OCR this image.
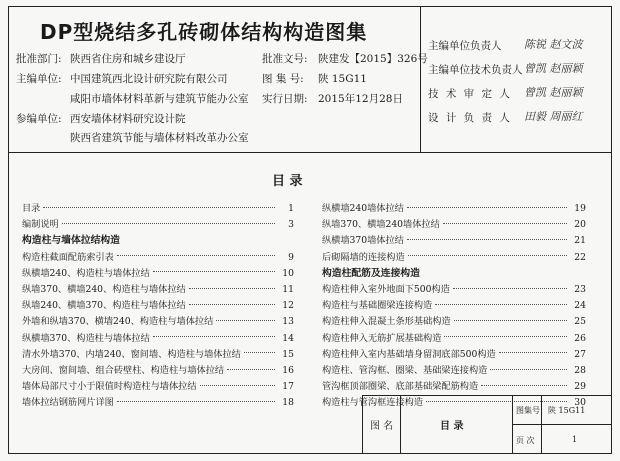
DP型烧结多孔砖砌体结构构造图集
批准部门: 陕西省住房和城乡建设厅
主编单位: 中国建筑西北设计研究院有限公司
咸阳市墙体材料革新与建筑节能办公室
参编单位: 西安墙体材料研究设计院
陕西省建筑节能与墙体材料改革办公室
批准文号: 陕建发【2015】326号
图 集 号: 陕 15G11
实行日期: 2015年12月28日
主编单位负责人 陈锐 赵文波
主编单位技术负责人 曾凯 赵丽颖
技 术 审 定 人 曾凯 赵丽颖
设 计 负 责 人 田毅 周丽红
目 录
目录	1
编制说明	3
构造柱与墙体拉结构造
构造柱截面配筋索引表	9
纵横墙240、构造柱与墙体拉结	10
纵墙370、横墙240、构造柱与墙体拉结	11
纵墙240、横墙370、构造柱与墙体拉结	12
外墙和纵墙370、横墙240、构造柱与墙体拉结	13
纵横墙370、构造柱与墙体拉结	14
清水外墙370、内墙240、窗间墙、构造柱与墙体拉结	15
大房间、窗间墙、组合砖壁柱、构造柱与墙体拉结	16
墙体局部尺寸小于限值时构造柱与墙体拉结	17
墙体拉结钢筋网片详图	18
纵横墙240墙体拉结	19
纵墙370、横墙240墙体拉结	20
纵横墙370墙体拉结	21
后砌隔墙的连接构造	22
构造柱配筋及连接构造
构造柱伸入室外地面下500构造	23
构造柱与基础圈梁连接构造	24
构造柱伸入混凝土条形基础构造	25
构造柱伸入无筋扩展基础构造	26
构造柱伸入室内基础墙身留洞底部500构造	27
构造柱、管沟框、圈梁、基础梁连接构造	28
管沟框顶部圈梁、底部基础梁配筋构造	29
构造柱与管沟框连接构造	30
图 名	目 录
图集号 陕 15G11
页 次	1
